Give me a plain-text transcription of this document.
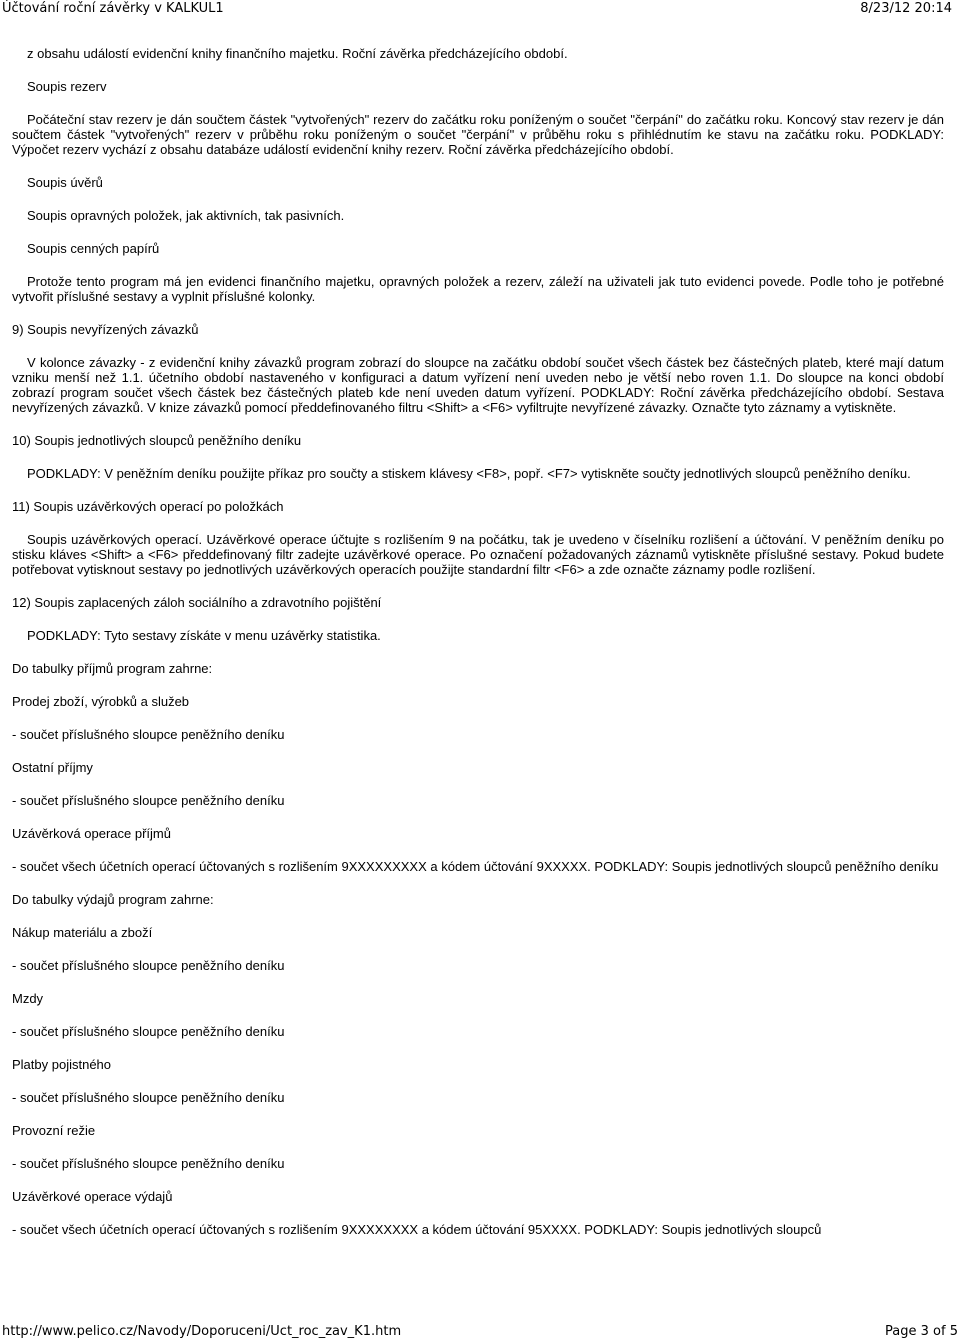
Účtování roční závěrky v KALKUL1	8/23/12 20:14
z obsahu událostí evidenční knihy finančního majetku. Roční závěrka předcházejícího období.
Soupis rezerv
Počáteční stav rezerv je dán součtem částek "vytvořených" rezerv do začátku roku poníženým o součet "čerpání" do začátku roku. Koncový stav rezerv je dán součtem částek "vytvořených" rezerv v průběhu roku poníženým o součet "čerpání" v průběhu roku s přihlédnutím ke stavu na začátku roku. PODKLADY: Výpočet rezerv vychází z obsahu databáze událostí evidenční knihy rezerv. Roční závěrka předcházejícího období.
Soupis úvěrů
Soupis opravných položek, jak aktivních, tak pasivních.
Soupis cenných papírů
Protože tento program má jen evidenci finančního majetku, opravných položek a rezerv, záleží na uživateli jak tuto evidenci povede. Podle toho je potřebné vytvořit příslušné sestavy a vyplnit příslušné kolonky.
9) Soupis nevyřízených závazků
V kolonce závazky - z evidenční knihy závazků program zobrazí do sloupce na začátku období součet všech částek bez částečných plateb, které mají datum vzniku menší než 1.1. účetního období nastaveného v konfiguraci a datum vyřízení není uveden nebo je větší nebo roven 1.1. Do sloupce na konci období zobrazí program součet všech částek bez částečných plateb kde není uveden datum vyřízení. PODKLADY: Roční závěrka předcházejícího období. Sestava nevyřízených závazků. V knize závazků pomocí předdefinovaného filtru <Shift> a <F6> vyfiltrujte nevyřízené závazky. Označte tyto záznamy a vytiskněte.
10) Soupis jednotlivých sloupců peněžního deníku
PODKLADY: V peněžním deníku použijte příkaz pro součty a stiskem klávesy <F8>, popř. <F7> vytiskněte součty jednotlivých sloupců peněžního deníku.
11) Soupis uzávěrkových operací po položkách
Soupis uzávěrkových operací. Uzávěrkové operace účtujte s rozlišením 9 na počátku, tak je uvedeno v číselníku rozlišení a účtování. V peněžním deníku po stisku kláves <Shift> a <F6> předdefinovaný filtr zadejte uzávěrkové operace. Po označení požadovaných záznamů vytiskněte příslušné sestavy. Pokud budete potřebovat vytisknout sestavy po jednotlivých uzávěrkových operacích použijte standardní filtr <F6> a zde označte záznamy podle rozlišení.
12) Soupis zaplacených záloh sociálního a zdravotního pojištění
PODKLADY: Tyto sestavy získáte v menu uzávěrky statistika.
Do tabulky příjmů program zahrne:
Prodej zboží, výrobků a služeb
- součet příslušného sloupce peněžního deníku
Ostatní příjmy
- součet příslušného sloupce peněžního deníku
Uzávěrková operace příjmů
- součet všech účetních operací účtovaných s rozlišením 9XXXXXXXXX a kódem účtování 9XXXXX. PODKLADY: Soupis jednotlivých sloupců peněžního deníku
Do tabulky výdajů program zahrne:
Nákup materiálu a zboží
- součet příslušného sloupce peněžního deníku
Mzdy
- součet příslušného sloupce peněžního deníku
Platby pojistného
- součet příslušného sloupce peněžního deníku
Provozní režie
- součet příslušného sloupce peněžního deníku
Uzávěrkové operace výdajů
- součet všech účetních operací účtovaných s rozlišením 9XXXXXXXX a kódem účtování 95XXXX. PODKLADY: Soupis jednotlivých sloupců
http://www.pelico.cz/Navody/Doporuceni/Uct_roc_zav_K1.htm	Page 3 of 5
